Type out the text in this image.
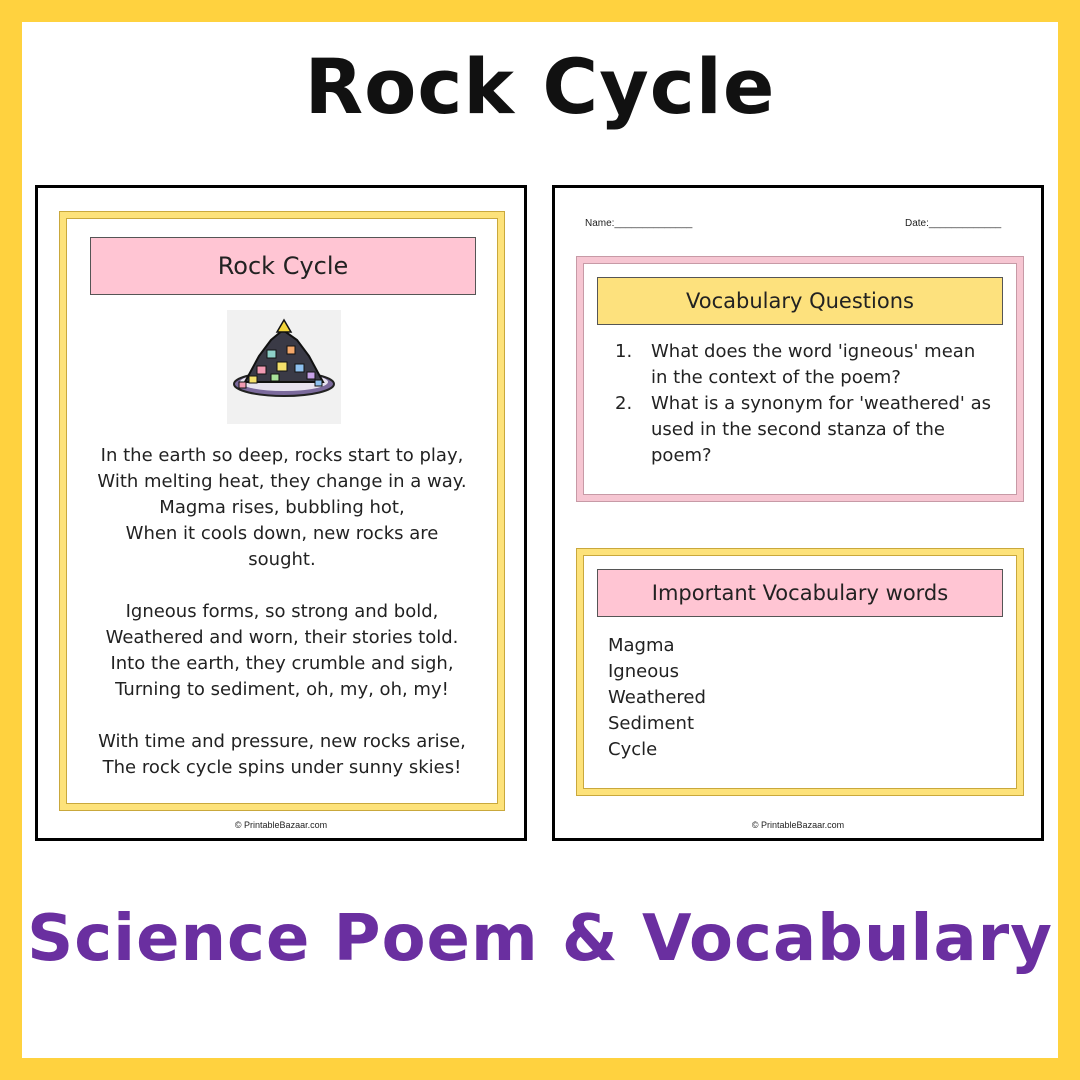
Rock Cycle
Rock Cycle

In the earth so deep, rocks start to play,
With melting heat, they change in a way.
Magma rises, bubbling hot,
When it cools down, new rocks are
sought.

Igneous forms, so strong and bold,
Weathered and worn, their stories told.
Into the earth, they crumble and sigh,
Turning to sediment, oh, my, oh, my!

With time and pressure, new rocks arise,
The rock cycle spins under sunny skies!

© PrintableBazaar.com
Name:______________	Date:_____________
Vocabulary Questions
1. What does the word 'igneous' mean
in the context of the poem?
2. What is a synonym for 'weathered' as
used in the second stanza of the
poem?
Important Vocabulary words
Magma
Igneous
Weathered
Sediment
Cycle
© PrintableBazaar.com
Science Poem & Vocabulary
